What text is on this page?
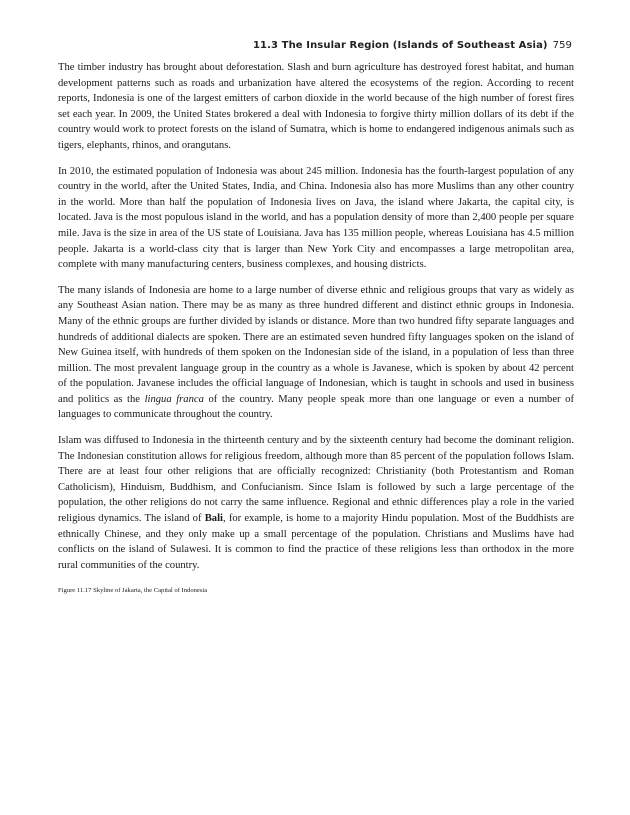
11.3 The Insular Region (Islands of Southeast Asia) 759

The timber industry has brought about deforestation. Slash and burn agriculture has destroyed forest habitat, and human development patterns such as roads and urbanization have altered the ecosystems of the region. According to recent reports, Indonesia is one of the largest emitters of carbon dioxide in the world because of the high number of forest fires set each year. In 2009, the United States brokered a deal with Indonesia to forgive thirty million dollars of its debt if the country would work to protect forests on the island of Sumatra, which is home to endangered indigenous animals such as tigers, elephants, rhinos, and orangutans.

In 2010, the estimated population of Indonesia was about 245 million. Indonesia has the fourth-largest population of any country in the world, after the United States, India, and China. Indonesia also has more Muslims than any other country in the world. More than half the population of Indonesia lives on Java, the island where Jakarta, the capital city, is located. Java is the most populous island in the world, and has a population density of more than 2,400 people per square mile. Java is the size in area of the US state of Louisiana. Java has 135 million people, whereas Louisiana has 4.5 million people. Jakarta is a world-class city that is larger than New York City and encompasses a large metropolitan area, complete with many manufacturing centers, business complexes, and housing districts.

The many islands of Indonesia are home to a large number of diverse ethnic and religious groups that vary as widely as any Southeast Asian nation. There may be as many as three hundred different and distinct ethnic groups in Indonesia. Many of the ethnic groups are further divided by islands or distance. More than two hundred fifty separate languages and hundreds of additional dialects are spoken. There are an estimated seven hundred fifty languages spoken on the island of New Guinea itself, with hundreds of them spoken on the Indonesian side of the island, in a population of less than three million. The most prevalent language group in the country as a whole is Javanese, which is spoken by about 42 percent of the population. Javanese includes the official language of Indonesian, which is taught in schools and used in business and politics as the lingua franca of the country. Many people speak more than one language or even a number of languages to communicate throughout the country.

Islam was diffused to Indonesia in the thirteenth century and by the sixteenth century had become the dominant religion. The Indonesian constitution allows for religious freedom, although more than 85 percent of the population follows Islam. There are at least four other religions that are officially recognized: Christianity (both Protestantism and Roman Catholicism), Hinduism, Buddhism, and Confucianism. Since Islam is followed by such a large percentage of the population, the other religions do not carry the same influence. Regional and ethnic differences play a role in the varied religious dynamics. The island of Bali, for example, is home to a majority Hindu population. Most of the Buddhists are ethnically Chinese, and they only make up a small percentage of the population. Christians and Muslims have had conflicts on the island of Sulawesi. It is common to find the practice of these religions less than orthodox in the more rural communities of the country.

Figure 11.17 Skyline of Jakarta, the Capital of Indonesia
